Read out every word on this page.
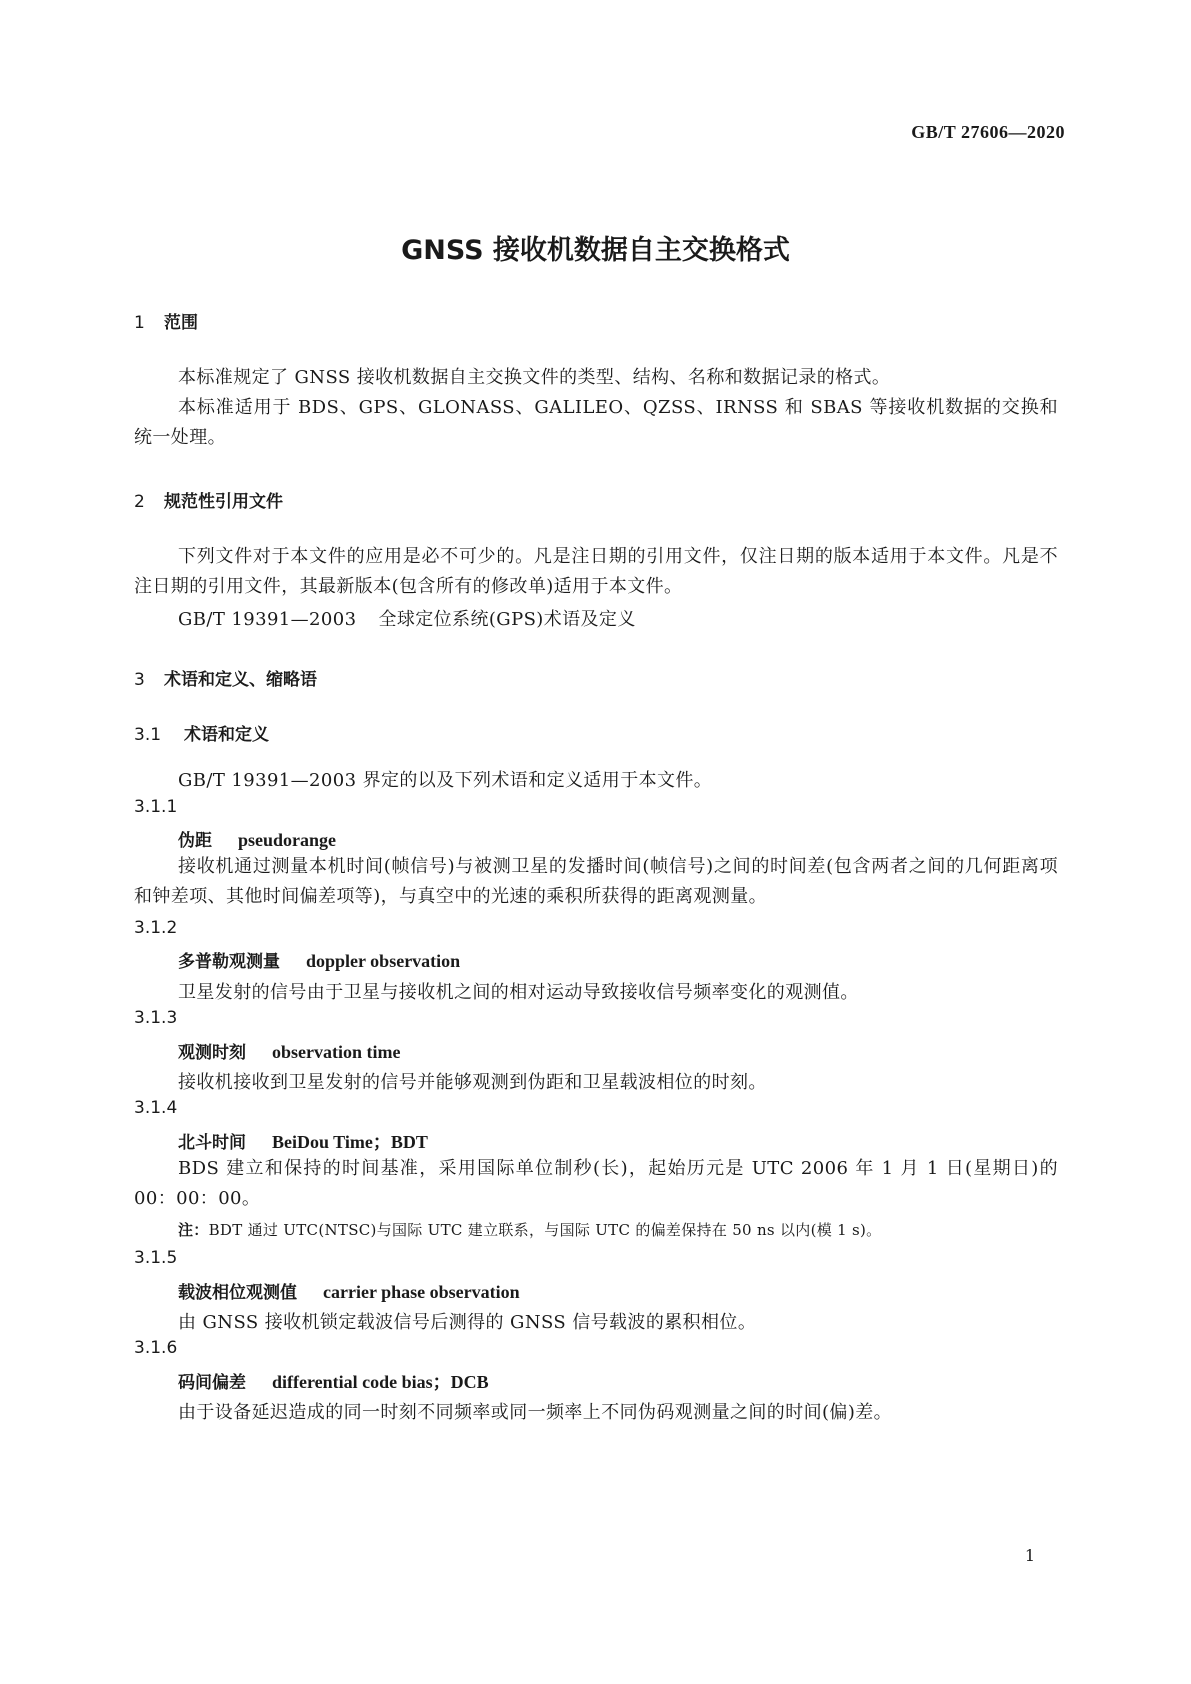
GB/T 27606—2020
GNSS 接收机数据自主交换格式
1 范围
本标准规定了 GNSS 接收机数据自主交换文件的类型、结构、名称和数据记录的格式。
本标准适用于 BDS、GPS、GLONASS、GALILEO、QZSS、IRNSS 和 SBAS 等接收机数据的交换和统一处理。
2 规范性引用文件
下列文件对于本文件的应用是必不可少的。凡是注日期的引用文件，仅注日期的版本适用于本文件。凡是不注日期的引用文件，其最新版本(包含所有的修改单)适用于本文件。
GB/T 19391—2003 全球定位系统(GPS)术语及定义
3 术语和定义、缩略语
3.1 术语和定义
GB/T 19391—2003 界定的以及下列术语和定义适用于本文件。
3.1.1
伪距 pseudorange
接收机通过测量本机时间(帧信号)与被测卫星的发播时间(帧信号)之间的时间差(包含两者之间的几何距离项和钟差项、其他时间偏差项等)，与真空中的光速的乘积所获得的距离观测量。
3.1.2
多普勒观测量 doppler observation
卫星发射的信号由于卫星与接收机之间的相对运动导致接收信号频率变化的观测值。
3.1.3
观测时刻 observation time
接收机接收到卫星发射的信号并能够观测到伪距和卫星载波相位的时刻。
3.1.4
北斗时间 BeiDou Time；BDT
BDS 建立和保持的时间基准，采用国际单位制秒(长)，起始历元是 UTC 2006 年 1 月 1 日(星期日)的 00：00：00。
注：BDT 通过 UTC(NTSC)与国际 UTC 建立联系，与国际 UTC 的偏差保持在 50 ns 以内(模 1 s)。
3.1.5
载波相位观测值 carrier phase observation
由 GNSS 接收机锁定载波信号后测得的 GNSS 信号载波的累积相位。
3.1.6
码间偏差 differential code bias；DCB
由于设备延迟造成的同一时刻不同频率或同一频率上不同伪码观测量之间的时间(偏)差。
1
